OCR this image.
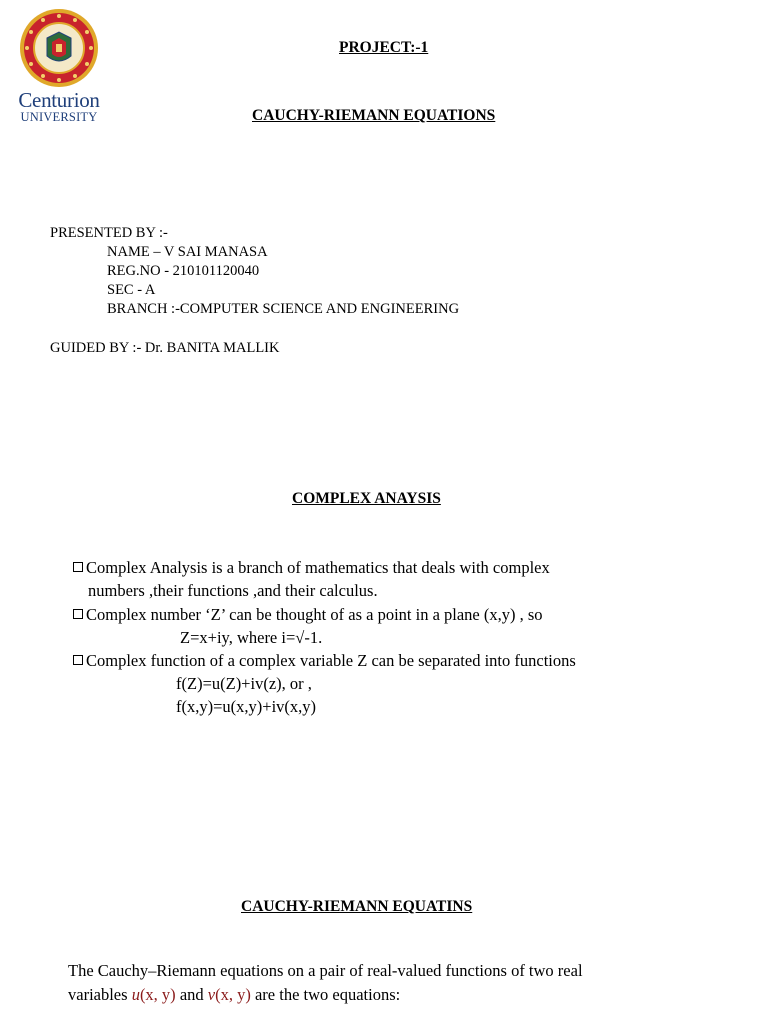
Centurion
UNIVERSITY
PROJECT:-1
CAUCHY-RIEMANN EQUATIONS
PRESENTED BY :-
NAME – V SAI MANASA
REG.NO - 210101120040
SEC - A
BRANCH :-COMPUTER SCIENCE AND ENGINEERING
GUIDED BY :- Dr. BANITA MALLIK
COMPLEX ANAYSIS
Complex Analysis is a branch of mathematics that deals with complex
numbers ,their functions ,and their calculus.
Complex number ‘Z’ can be thought of as a point in a plane (x,y) , so
Z=x+iy, where i=√-1.
Complex function of a complex variable Z can be separated into functions
f(Z)=u(Z)+iv(z), or ,
f(x,y)=u(x,y)+iv(x,y)
CAUCHY-RIEMANN EQUATINS
The Cauchy–Riemann equations on a pair of real-valued functions of two real
variables u(x, y) and v(x, y) are the two equations:
